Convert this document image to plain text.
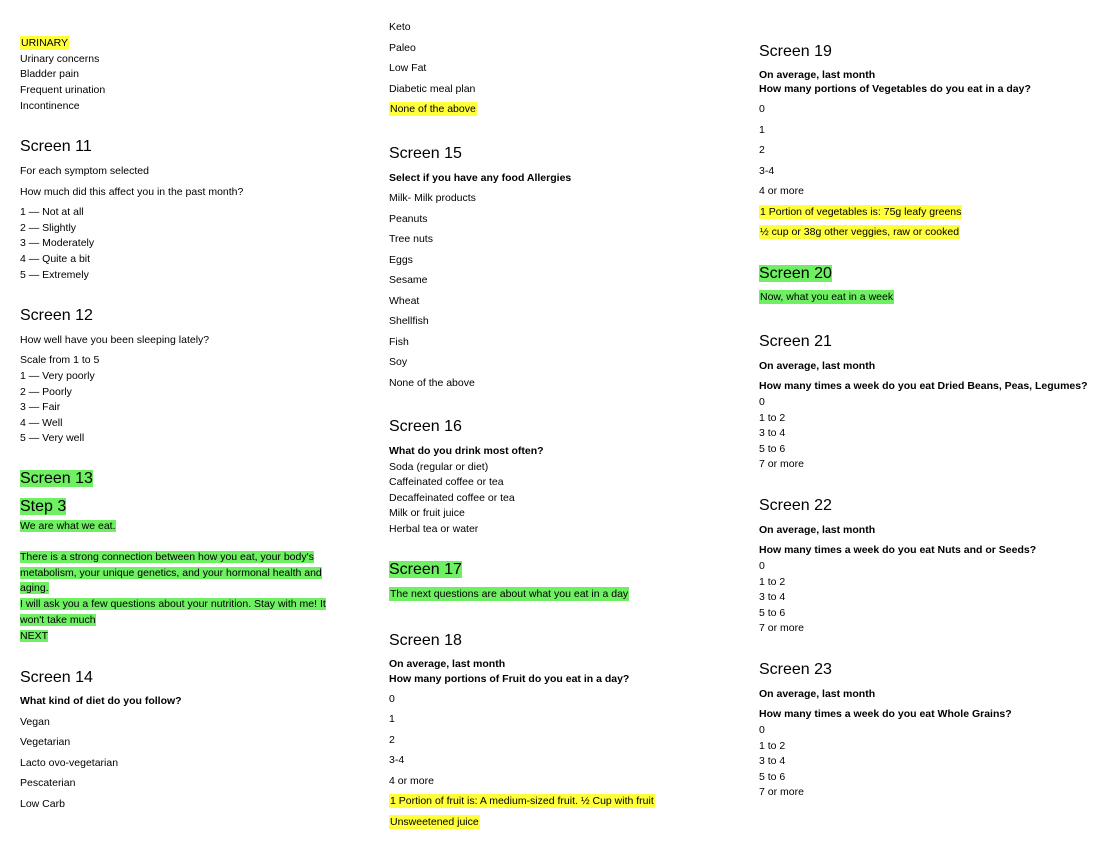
URINARY
Urinary concerns
Bladder pain
Frequent urination
Incontinence
Screen 11
For each symptom selected
How much did this affect you in the past month?
1 — Not at all
2 — Slightly
3 — Moderately
4 — Quite a bit
5 — Extremely
Screen 12
How well have you been sleeping lately?
Scale from 1 to 5
1 — Very poorly
2 — Poorly
3 — Fair
4 — Well
5 — Very well
Screen 13
Step 3
We are what we eat.
There is a strong connection between how you eat, your body's metabolism, your unique genetics, and your hormonal health and aging.
I will ask you a few questions about your nutrition. Stay with me! It won't take much
NEXT
Screen 14
What kind of diet do you follow?
Vegan
Vegetarian
Lacto ovo-vegetarian
Pescaterian
Low Carb
Keto
Paleo
Low Fat
Diabetic meal plan
None of the above
Screen 15
Select if you have any food Allergies
Milk- Milk products
Peanuts
Tree nuts
Eggs
Sesame
Wheat
Shellfish
Fish
Soy
None of the above
Screen 16
What do you drink most often?
Soda (regular or diet)
Caffeinated coffee or tea
Decaffeinated coffee or tea
Milk or fruit juice
Herbal tea or water
Screen 17
The next questions are about what you eat in a day
Screen 18
On average, last month
How many portions of Fruit do you eat in a day?
0
1
2
3-4
4 or more
1 Portion of fruit is: A medium-sized fruit. ½ Cup with fruit
Unsweetened juice
Screen 19
On average, last month
How many portions of Vegetables do you eat in a day?
0
1
2
3-4
4 or more
1 Portion of vegetables is: 75g leafy greens
½ cup or 38g other veggies, raw or cooked
Screen 20
Now, what you eat in a week
Screen 21
On average, last month
How many times a week do you eat Dried Beans, Peas, Legumes?
0
1 to 2
3 to 4
5 to 6
7 or more
Screen 22
On average, last month
How many times a week do you eat Nuts and or Seeds?
0
1 to 2
3 to 4
5 to 6
7 or more
Screen 23
On average, last month
How many times a week do you eat Whole Grains?
0
1 to 2
3 to 4
5 to 6
7 or more
